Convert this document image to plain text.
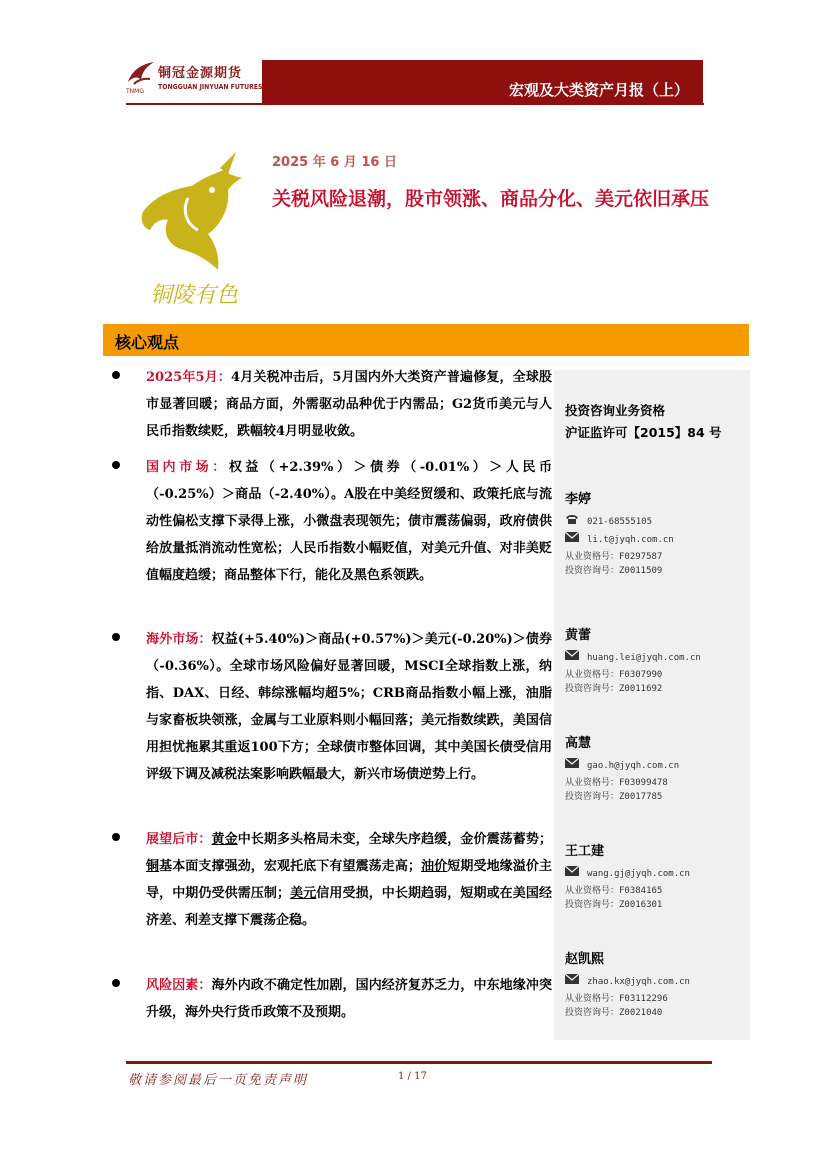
铜冠金源期货
TONGGUAN JINYUAN FUTURES
TNMG	宏观及大类资产月报（上）
铜陵有色
2025 年 6 月 16 日
关税风险退潮，股市领涨、商品分化、美元依旧承压
核心观点

2025年5月：4月关税冲击后，5月国内外大类资产普遍修复，全球股市显著回暖；商品方面，外需驱动品种优于内需品；G2货币美元与人民币指数续贬，跌幅较4月明显收敛。

国内市场：权益（+2.39%）＞债券（-0.01%）＞人民币（-0.25%）＞商品（-2.40%）。A股在中美经贸缓和、政策托底与流动性偏松支撑下录得上涨，小微盘表现领先；债市震荡偏弱，政府债供给放量抵消流动性宽松；人民币指数小幅贬值，对美元升值、对非美贬值幅度趋缓；商品整体下行，能化及黑色系领跌。

海外市场：权益(+5.40%)＞商品(+0.57%)＞美元(-0.20%)＞债券（-0.36%）。全球市场风险偏好显著回暖，MSCI全球指数上涨，纳指、DAX、日经、韩综涨幅均超5%；CRB商品指数小幅上涨，油脂与家畜板块领涨，金属与工业原料则小幅回落；美元指数续跌，美国信用担忧拖累其重返100下方；全球债市整体回调，其中美国长债受信用评级下调及减税法案影响跌幅最大，新兴市场债逆势上行。

展望后市：黄金中长期多头格局未变，全球失序趋缓，金价震荡蓄势；铜基本面支撑强劲，宏观托底下有望震荡走高；油价短期受地缘溢价主导，中期仍受供需压制；美元信用受损，中长期趋弱，短期或在美国经济差、利差支撑下震荡企稳。

风险因素：海外内政不确定性加剧，国内经济复苏乏力，中东地缘冲突升级，海外央行货币政策不及预期。

投资咨询业务资格
沪证监许可【2015】84 号
李婷
021-68555105
li.t@jyqh.com.cn
从业资格号：F0297587
投资咨询号：Z0011509
黄蕾
huang.lei@jyqh.com.cn
从业资格号：F0307990
投资咨询号：Z0011692
高慧
gao.h@jyqh.com.cn
从业资格号：F03099478
投资咨询号：Z0017785
王工建
wang.gj@jyqh.com.cn
从业资格号：F0384165
投资咨询号：Z0016301
赵凯熙
zhao.kx@jyqh.com.cn
从业资格号：F03112296
投资咨询号：Z0021040
敬请参阅最后一页免责声明	1 / 17
